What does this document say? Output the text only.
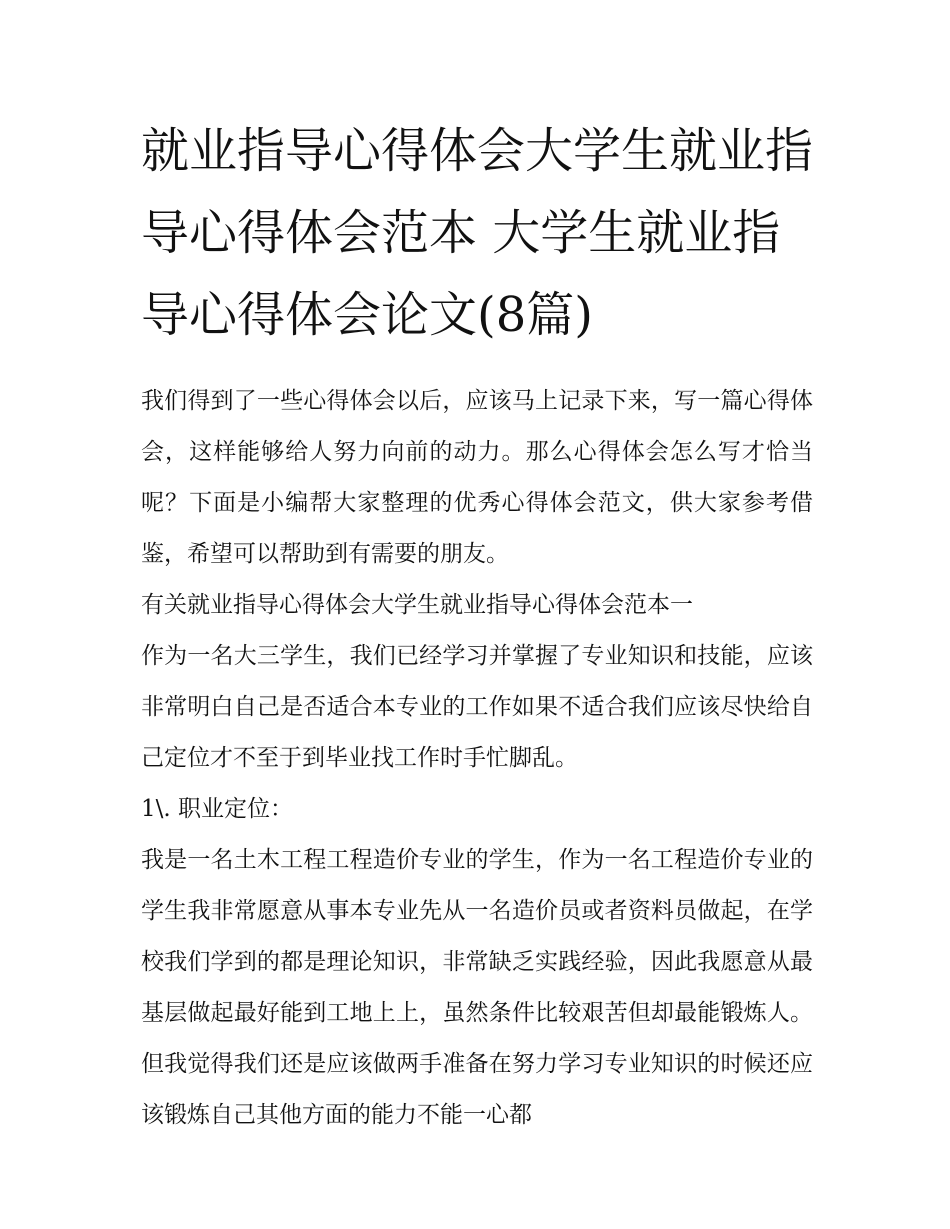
就业指导心得体会大学生就业指导心得体会范本 大学生就业指导心得体会论文(8篇)

我们得到了一些心得体会以后，应该马上记录下来，写一篇心得体会，这样能够给人努力向前的动力。那么心得体会怎么写才恰当呢？下面是小编帮大家整理的优秀心得体会范文，供大家参考借鉴，希望可以帮助到有需要的朋友。

有关就业指导心得体会大学生就业指导心得体会范本一

作为一名大三学生，我们已经学习并掌握了专业知识和技能，应该非常明白自己是否适合本专业的工作如果不适合我们应该尽快给自己定位才不至于到毕业找工作时手忙脚乱。

1\. 职业定位：

我是一名土木工程工程造价专业的学生，作为一名工程造价专业的学生我非常愿意从事本专业先从一名造价员或者资料员做起，在学校我们学到的都是理论知识，非常缺乏实践经验，因此我愿意从最基层做起最好能到工地上上，虽然条件比较艰苦但却最能锻炼人。但我觉得我们还是应该做两手准备在努力学习专业知识的时候还应该锻炼自己其他方面的能力不能一心都
